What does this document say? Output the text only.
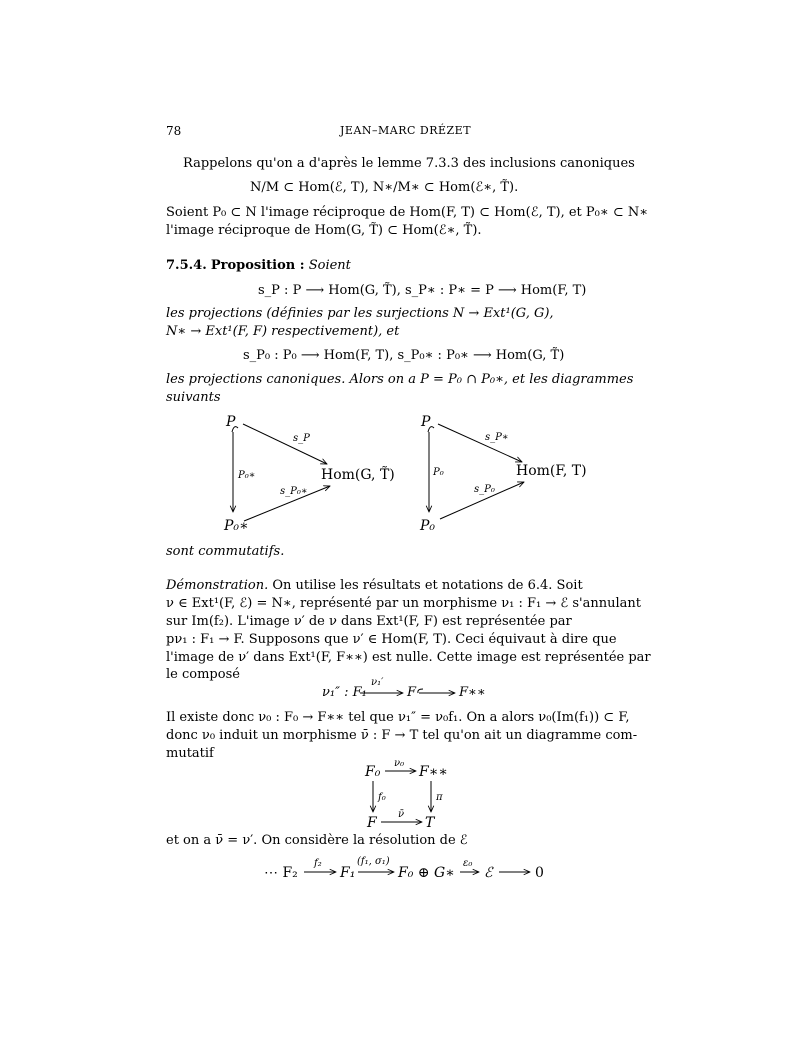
78	JEAN–MARC DRÉZET
Rappelons qu'on a d'après le lemme 7.3.3 des inclusions canoniques
N/M ⊂ Hom(ℰ, T), N∗/M∗ ⊂ Hom(ℰ∗, T̃).
Soient P₀ ⊂ N l'image réciproque de Hom(F, T) ⊂ Hom(ℰ, T), et P₀∗ ⊂ N∗
l'image réciproque de Hom(G, T̃) ⊂ Hom(ℰ∗, T̃).
7.5.4. Proposition : Soient
s_P : P ⟶ Hom(G, T̃), s_P∗ : P∗ = P ⟶ Hom(F, T)
les projections (définies par les surjections N → Ext¹(G, G),
N∗ → Ext¹(F, F) respectivement), et
s_P₀ : P₀ ⟶ Hom(F, T), s_P₀∗ : P₀∗ ⟶ Hom(G, T̃)
les projections canoniques. Alors on a P = P₀ ∩ P₀∗, et les diagrammes
suivants
P
Hom(G, T̃)
P₀∗
s_P
P₀∗
s_P₀∗
P
Hom(F, T)
P₀
s_P∗
P₀
s_P₀
ν₁′
F₀	F∗∗
F	T
ν₀
f₀	π
ν̄
⋯ F₂
f₂
F₁
(f₁, σ₁)
F₀ ⊕ G∗
ε₀
ℰ	0
sont commutatifs.
Démonstration. On utilise les résultats et notations de 6.4. Soit
ν ∈ Ext¹(F, ℰ) = N∗, représenté par un morphisme ν₁ : F₁ → ℰ s'annulant
sur Im(f₂). L'image ν′ de ν dans Ext¹(F, F) est représentée par
pν₁ : F₁ → F. Supposons que ν′ ∈ Hom(F, T). Ceci équivaut à dire que
l'image de ν′ dans Ext¹(F, F∗∗) est nulle. Cette image est représentée par
le composé
ν₁″ : F₁	F	F∗∗
Il existe donc ν₀ : F₀ → F∗∗ tel que ν₁″ = ν₀f₁. On a alors ν₀(Im(f₁)) ⊂ F,
donc ν₀ induit un morphisme ν̄ : F → T tel qu'on ait un diagramme com-
mutatif
et on a ν̄ = ν′. On considère la résolution de ℰ
